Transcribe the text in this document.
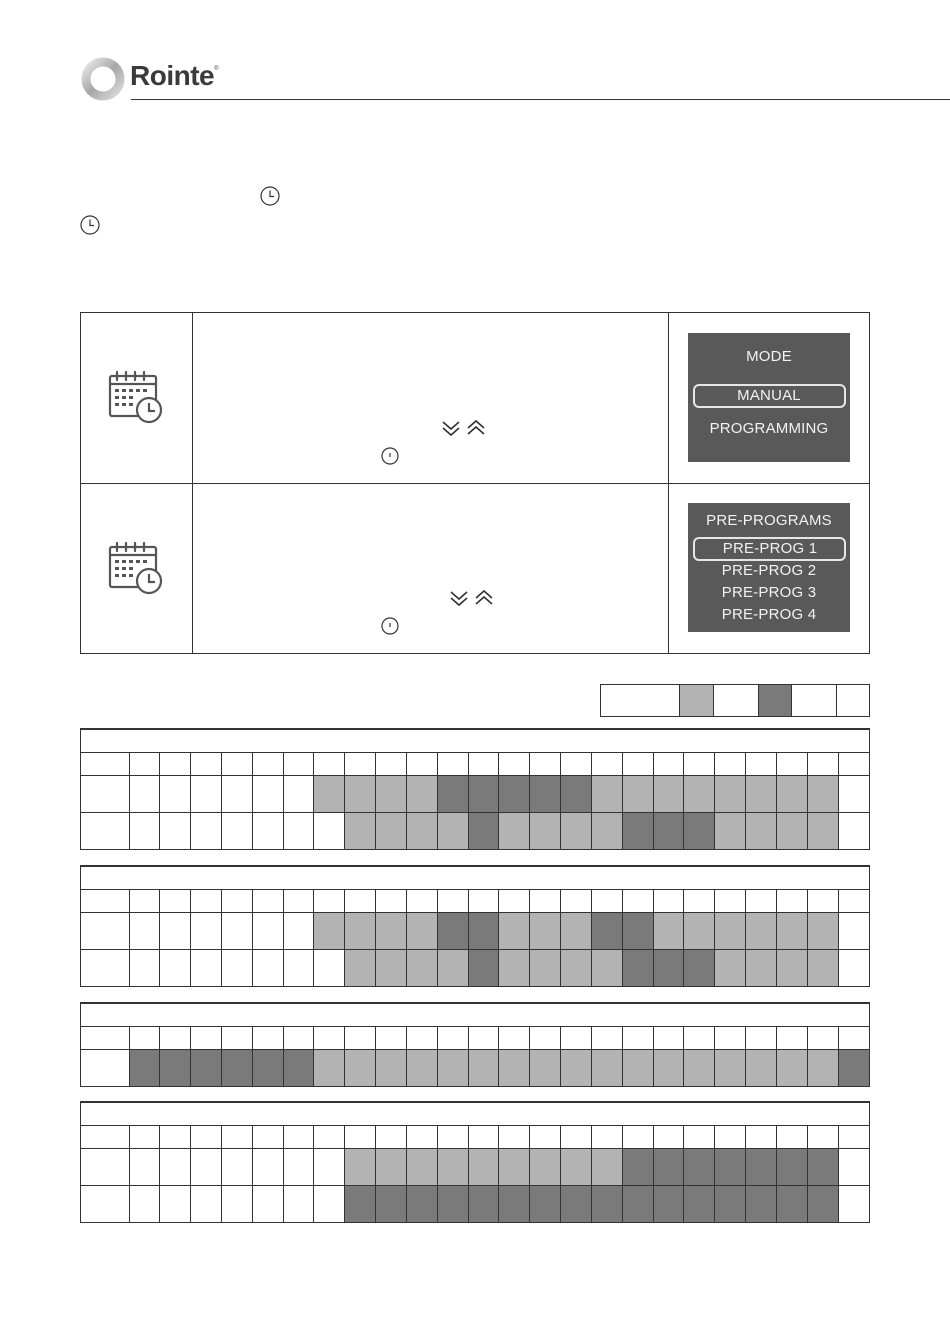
Rointe®
MODE
MANUAL
PROGRAMMING
PRE-PROGRAMS
PRE-PROG 1
PRE-PROG 2
PRE-PROG 3
PRE-PROG 4
